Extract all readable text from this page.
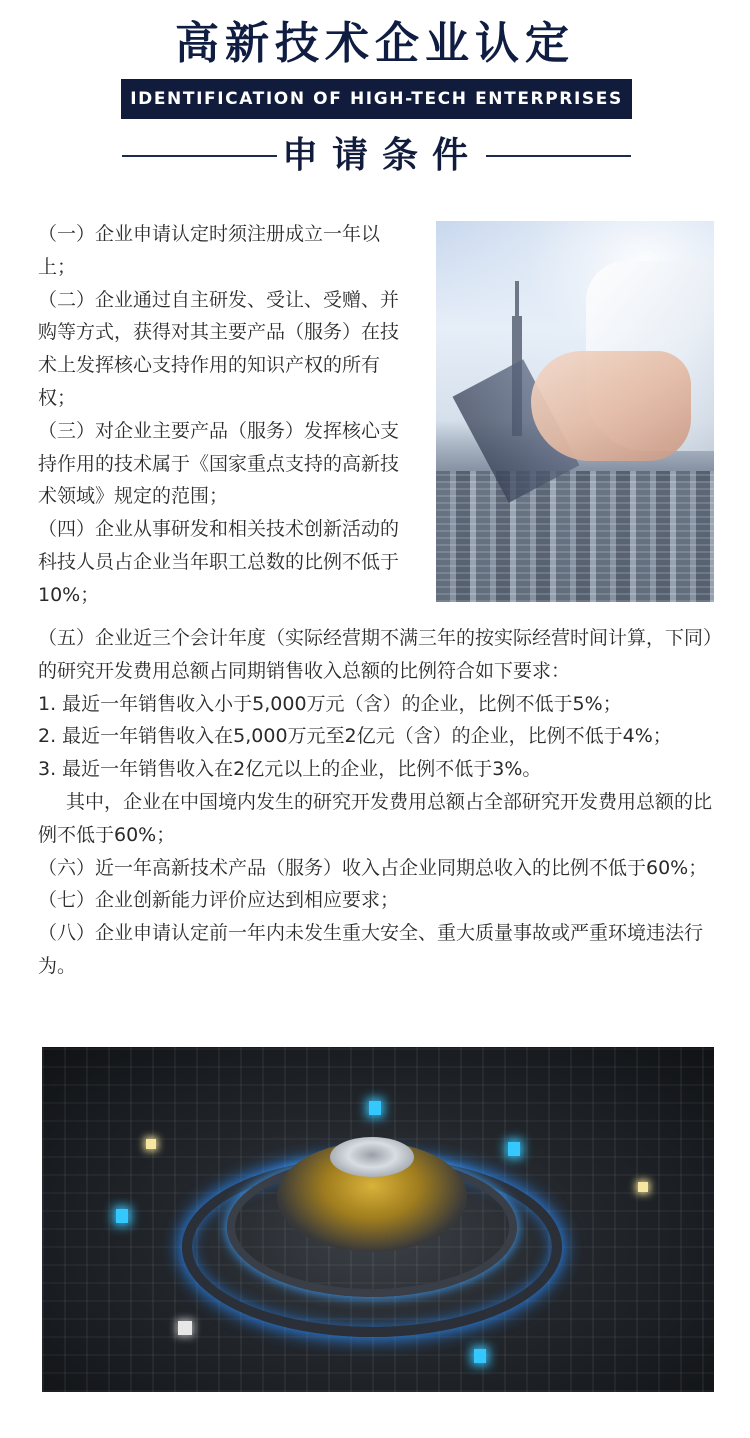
高新技术企业认定
IDENTIFICATION OF HIGH-TECH ENTERPRISES
申请条件

（一）企业申请认定时须注册成立一年以上；

（二）企业通过自主研发、受让、受赠、并购等方式，获得对其主要产品（服务）在技术上发挥核心支持作用的知识产权的所有权；

（三）对企业主要产品（服务）发挥核心支持作用的技术属于《国家重点支持的高新技术领域》规定的范围；

（四）企业从事研发和相关技术创新活动的科技人员占企业当年职工总数的比例不低于10%；

（五）企业近三个会计年度（实际经营期不满三年的按实际经营时间计算，下同）的研究开发费用总额占同期销售收入总额的比例符合如下要求：

1. 最近一年销售收入小于5,000万元（含）的企业，比例不低于5%；

2. 最近一年销售收入在5,000万元至2亿元（含）的企业，比例不低于4%；

3. 最近一年销售收入在2亿元以上的企业，比例不低于3%。

其中，企业在中国境内发生的研究开发费用总额占全部研究开发费用总额的比例不低于60%；

（六）近一年高新技术产品（服务）收入占企业同期总收入的比例不低于60%；

（七）企业创新能力评价应达到相应要求；

（八）企业申请认定前一年内未发生重大安全、重大质量事故或严重环境违法行为。
